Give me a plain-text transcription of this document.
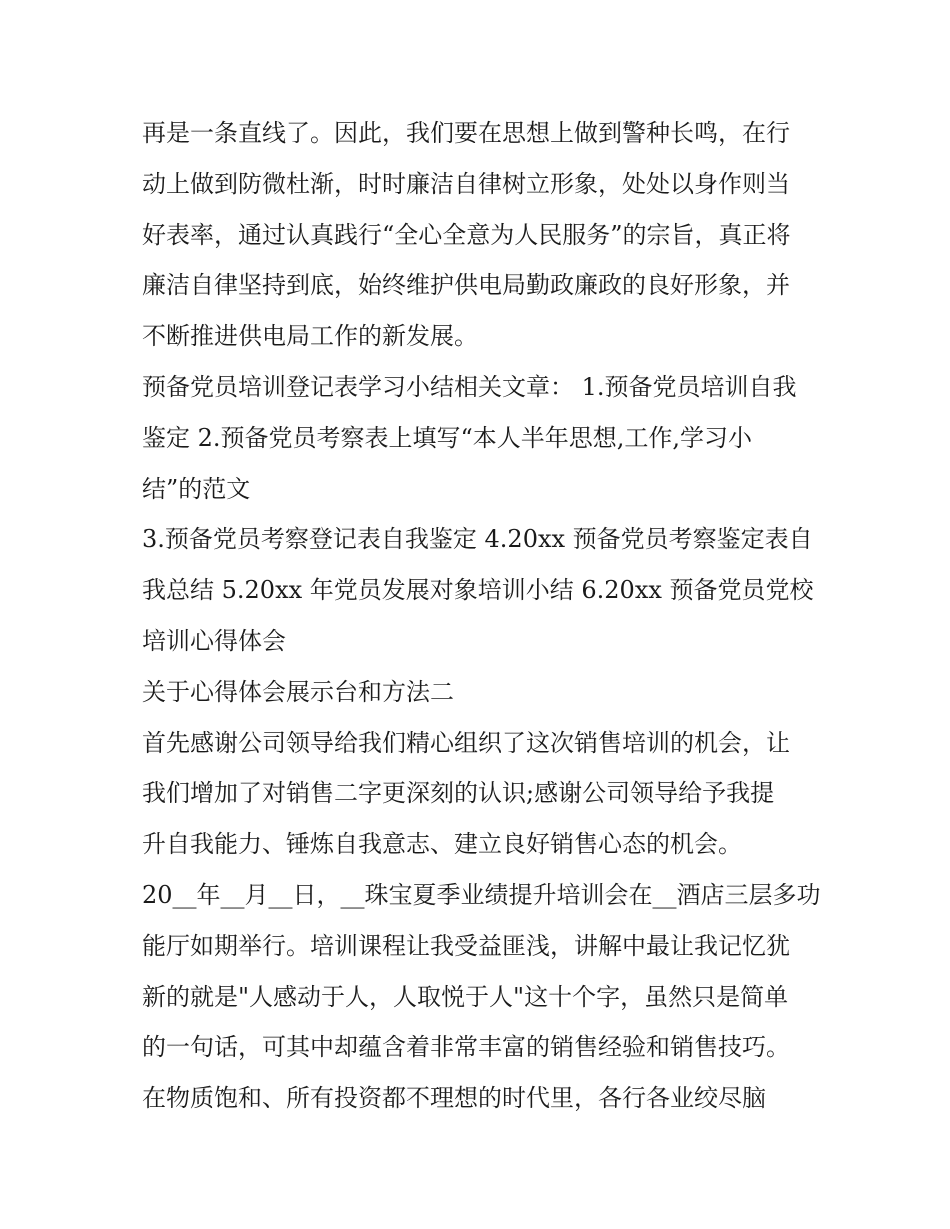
再是一条直线了。因此，我们要在思想上做到警种长鸣，在行
动上做到防微杜渐，时时廉洁自律树立形象，处处以身作则当
好表率，通过认真践行“全心全意为人民服务”的宗旨，真正将
廉洁自律坚持到底，始终维护供电局勤政廉政的良好形象，并
不断推进供电局工作的新发展。
预备党员培训登记表学习小结相关文章： 1.预备党员培训自我
鉴定 2.预备党员考察表上填写“本人半年思想,工作,学习小
结”的范文
3.预备党员考察登记表自我鉴定 4.20xx 预备党员考察鉴定表自
我总结 5.20xx 年党员发展对象培训小结 6.20xx 预备党员党校
培训心得体会
关于心得体会展示台和方法二
首先感谢公司领导给我们精心组织了这次销售培训的机会，让
我们增加了对销售二字更深刻的认识;感谢公司领导给予我提
升自我能力、锤炼自我意志、建立良好销售心态的机会。
20__年__月__日，__珠宝夏季业绩提升培训会在__酒店三层多功
能厅如期举行。培训课程让我受益匪浅，讲解中最让我记忆犹
新的就是"人感动于人，人取悦于人"这十个字，虽然只是简单
的一句话，可其中却蕴含着非常丰富的销售经验和销售技巧。
在物质饱和、所有投资都不理想的时代里，各行各业绞尽脑
